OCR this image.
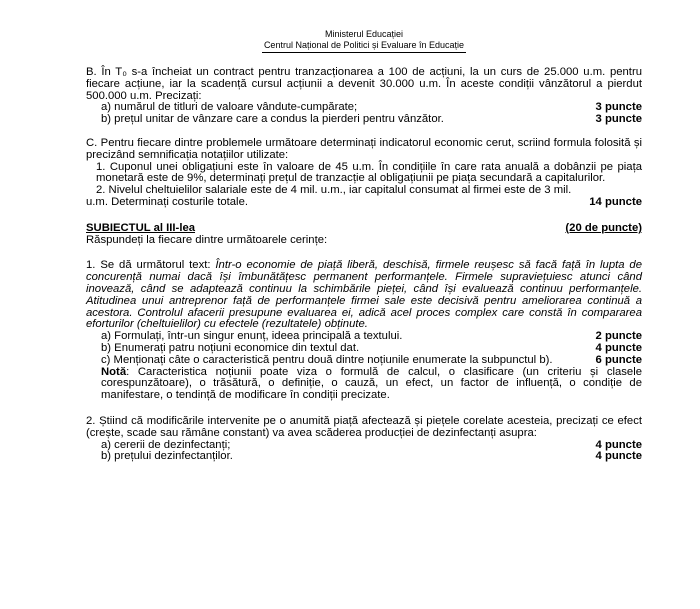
Ministerul Educației
Centrul Național de Politici și Evaluare în Educație

B. În T₀ s-a încheiat un contract pentru tranzacționarea a 100 de acțiuni, la un curs de 25.000 u.m. pentru fiecare acțiune, iar la scadență cursul acțiunii a devenit 30.000 u.m. În aceste condiții vânzătorul a pierdut 500.000 u.m. Precizați:

a) numărul de titluri de valoare vândute-cumpărate;	3 puncte
b) prețul unitar de vânzare care a condus la pierderi pentru vânzător.	3 puncte

C. Pentru fiecare dintre problemele următoare determinați indicatorul economic cerut, scriind formula folosită și precizând semnificația notațiilor utilizate:

1. Cuponul unei obligațiuni este în valoare de 45 u.m. În condițiile în care rata anuală a dobânzii pe piața monetară este de 9%, determinați prețul de tranzacție al obligațiunii pe piața secundară a capitalurilor.

2. Nivelul cheltuielilor salariale este de 4 mil. u.m., iar capitalul consumat al firmei este de 3 mil.

u.m. Determinați costurile totale.	14 puncte
SUBIECTUL al III-lea	(20 de puncte)

Răspundeți la fiecare dintre următoarele cerințe:

1. Se dă următorul text: Într-o economie de piață liberă, deschisă, firmele reușesc să facă față în lupta de concurență numai dacă își îmbunătățesc permanent performanțele. Firmele supraviețuiesc atunci când inovează, când se adaptează continuu la schimbările pieței, când își evaluează continuu performanțele. Atitudinea unui antreprenor față de performanțele firmei sale este decisivă pentru ameliorarea continuă a acestora. Controlul afacerii presupune evaluarea ei, adică acel proces complex care constă în compararea eforturilor (cheltuielilor) cu efectele (rezultatele) obținute.

a) Formulați, într-un singur enunț, ideea principală a textului.	2 puncte
b) Enumerați patru noțiuni economice din textul dat.	4 puncte
c) Menționați câte o caracteristică pentru două dintre noțiunile enumerate la subpunctul b).	6 puncte

Notă: Caracteristica noțiunii poate viza o formulă de calcul, o clasificare (un criteriu și clasele corespunzătoare), o trăsătură, o definiție, o cauză, un efect, un factor de influență, o condiție de manifestare, o tendință de modificare în condiții precizate.

2. Știind că modificările intervenite pe o anumită piață afectează și piețele corelate acesteia, precizați ce efect (crește, scade sau rămâne constant) va avea scăderea producției de dezinfectanți asupra:

a) cererii de dezinfectanți;	4 puncte
b) prețului dezinfectanților.	4 puncte
